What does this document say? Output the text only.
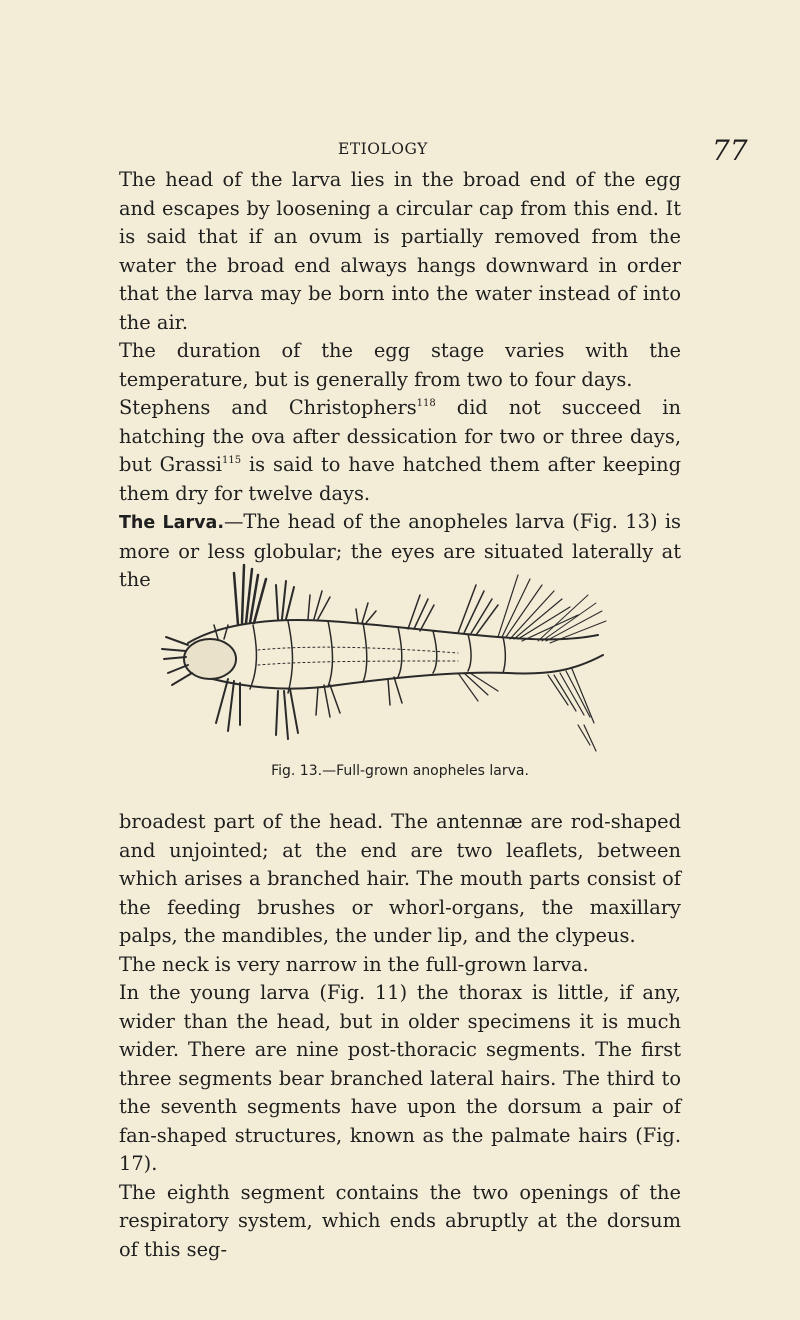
ETIOLOGY	77

The head of the larva lies in the broad end of the egg and escapes by loosening a circular cap from this end. It is said that if an ovum is partially removed from the water the broad end always hangs downward in order that the larva may be born into the water instead of into the air.

The duration of the egg stage varies with the temperature, but is generally from two to four days.

Stephens and Christophers$^{118}$ did not succeed in hatching the ova after dessication for two or three days, but Grassi$^{115}$ is said to have hatched them after keeping them dry for twelve days.

The Larva.—The head of the anopheles larva (Fig. 13) is more or less globular; the eyes are situated laterally at the

Fig. 13.—Full-grown anopheles larva.

broadest part of the head. The antennæ are rod-shaped and unjointed; at the end are two leaflets, between which arises a branched hair. The mouth parts consist of the feeding brushes or whorl-organs, the maxillary palps, the mandibles, the under lip, and the clypeus.

The neck is very narrow in the full-grown larva.

In the young larva (Fig. 11) the thorax is little, if any, wider than the head, but in older specimens it is much wider. There are nine post-thoracic segments. The first three segments bear branched lateral hairs. The third to the seventh segments have upon the dorsum a pair of fan-shaped structures, known as the palmate hairs (Fig. 17).

The eighth segment contains the two openings of the respiratory system, which ends abruptly at the dorsum of this seg-
